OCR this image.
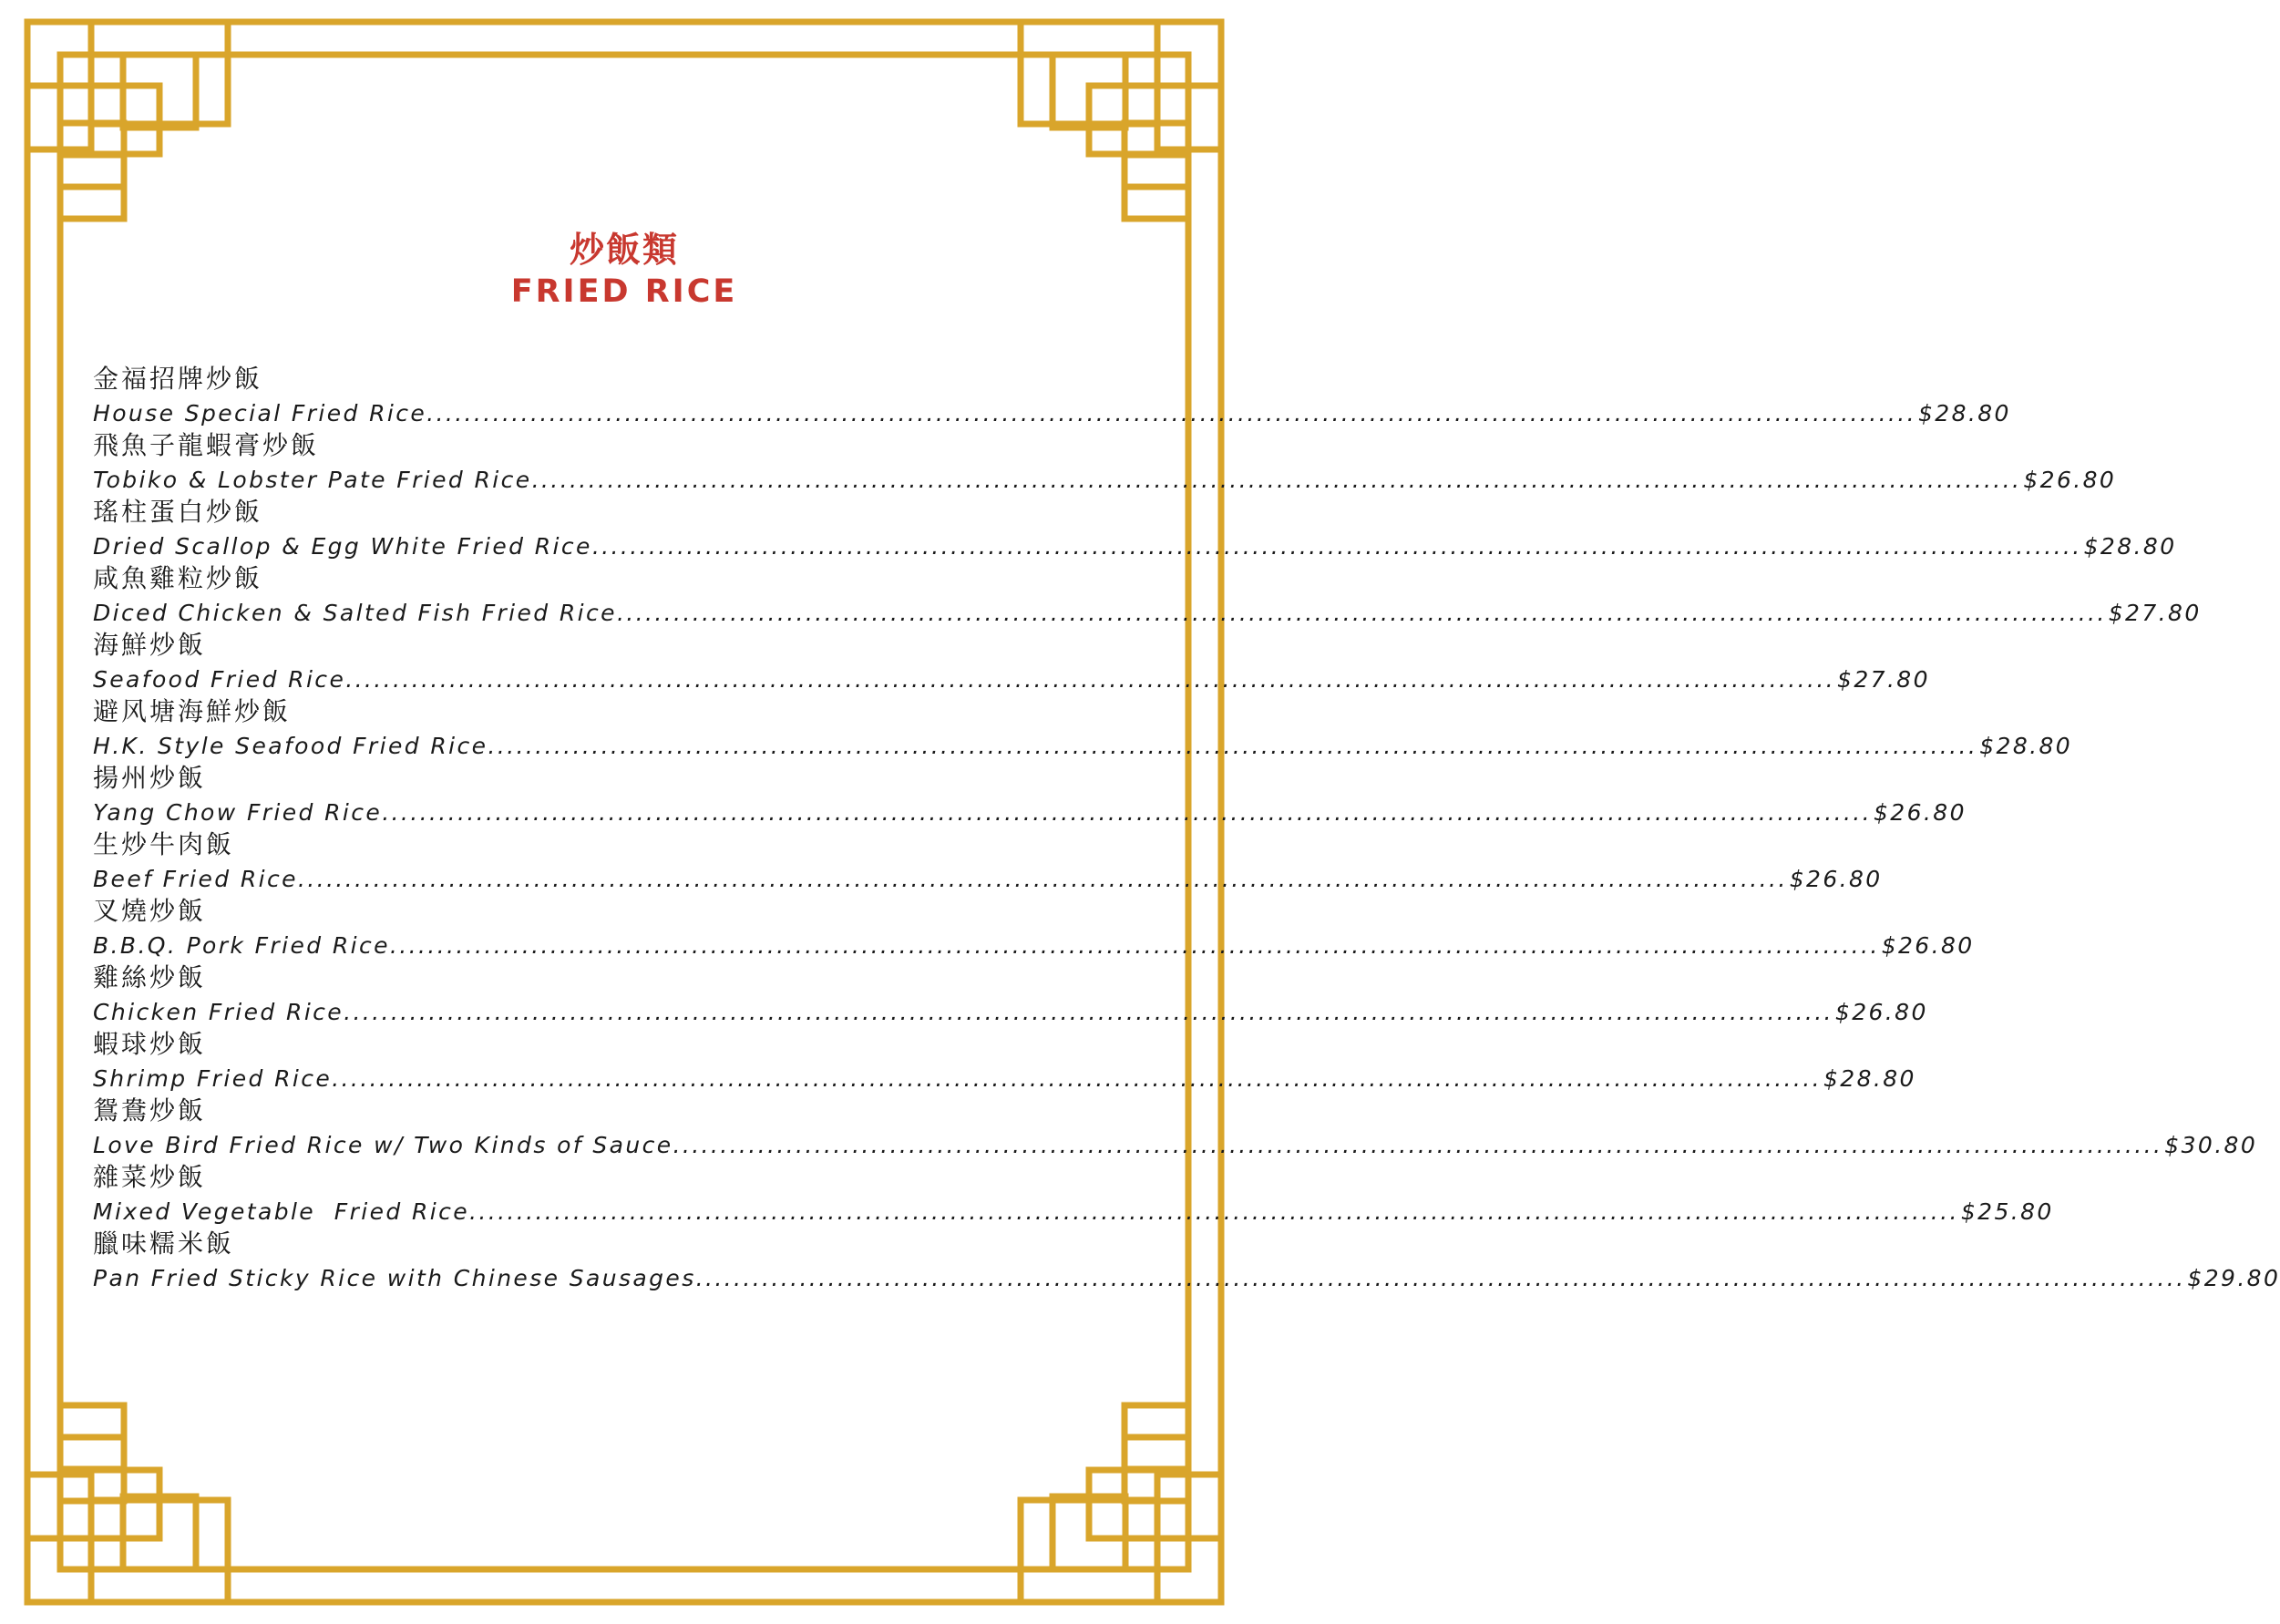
炒飯類
FRIED RICE
金福招牌炒飯
House Special Fried Rice .............................................................................................................................................................. $28.80
飛魚子龍蝦膏炒飯
Tobiko & Lobster Pate Fried Rice .............................................................................................................................................................. $26.80
瑤柱蛋白炒飯
Dried Scallop & Egg White Fried Rice .............................................................................................................................................................. $28.80
咸魚雞粒炒飯
Diced Chicken & Salted Fish Fried Rice .............................................................................................................................................................. $27.80
海鮮炒飯
Seafood Fried Rice .............................................................................................................................................................. $27.80
避风塘海鮮炒飯
H.K. Style Seafood Fried Rice .............................................................................................................................................................. $28.80
揚州炒飯
Yang Chow Fried Rice .............................................................................................................................................................. $26.80
生炒牛肉飯
Beef Fried Rice .............................................................................................................................................................. $26.80
叉燒炒飯
B.B.Q. Pork Fried Rice .............................................................................................................................................................. $26.80
雞絲炒飯
Chicken Fried Rice .............................................................................................................................................................. $26.80
蝦球炒飯
Shrimp Fried Rice .............................................................................................................................................................. $28.80
鴛鴦炒飯
Love Bird Fried Rice w/ Two Kinds of Sauce .............................................................................................................................................................. $30.80
雜菜炒飯
Mixed Vegetable  Fried Rice .............................................................................................................................................................. $25.80
臘味糯米飯
Pan Fried Sticky Rice with Chinese Sausages .............................................................................................................................................................. $29.80
